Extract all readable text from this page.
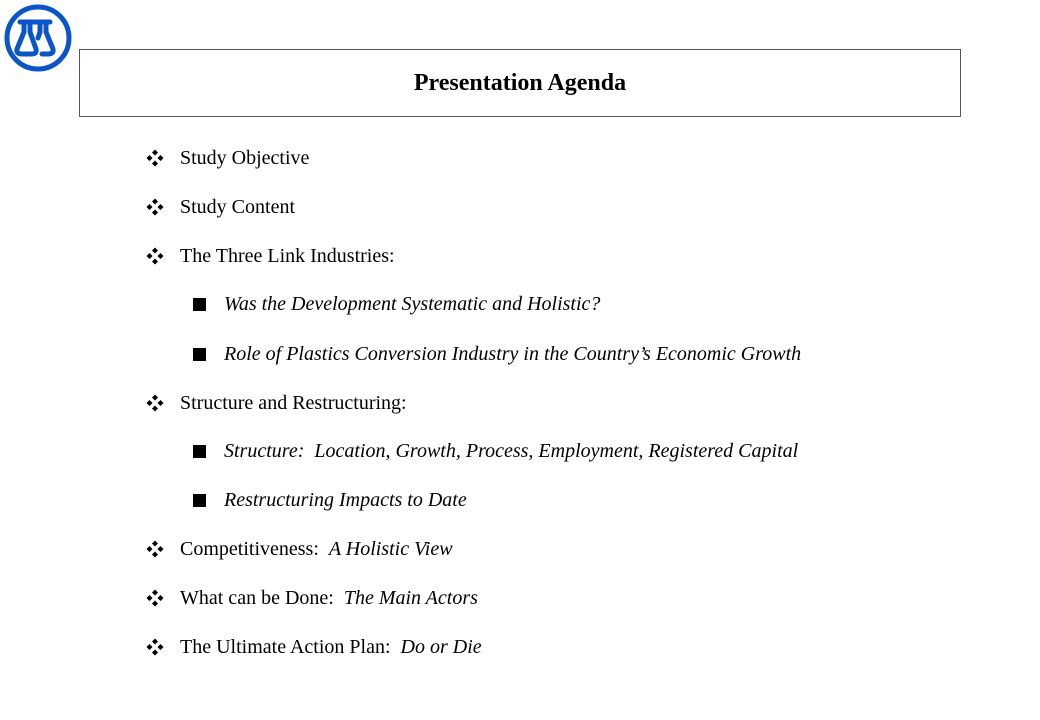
Presentation Agenda
Study Objective
Study Content
The Three Link Industries:
Was the Development Systematic and Holistic?
Role of Plastics Conversion Industry in the Country’s Economic Growth
Structure and Restructuring:
Structure:  Location, Growth, Process, Employment, Registered Capital
Restructuring Impacts to Date
Competitiveness:  A Holistic View
What can be Done:  The Main Actors
The Ultimate Action Plan:  Do or Die
